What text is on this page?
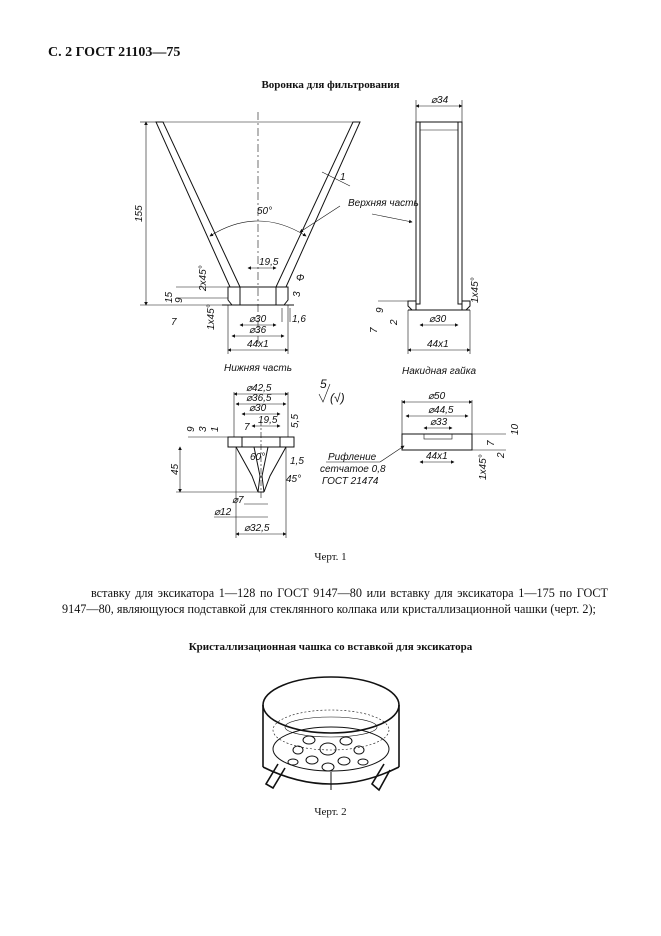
С. 2 ГОСТ 21103—75
Воронка для фильтрования
155	50°
19,5
1
Верхняя часть
Φ
3
1,6
2х45°
15 9
7	1х45°	⌀30
⌀36
44х1
Нижняя часть
⌀34
⌀30
44х1
9
2
7
1х45°
Накидная гайка
5
(√)
⌀42,5
⌀36,5
⌀30
19,5
7
9 3 1
5,5
60° 1,5
45°
45
⌀7
⌀12
⌀32,5
⌀50
⌀44,5
⌀33
44х1
10
7
2
1х45°
Рифление
сетчатое 0,8
ГОСТ 21474
Черт. 1
вставку для эксикатора 1—128 по ГОСТ 9147—80 или вставку для эксикатора 1—175 по ГОСТ 9147—80, являющуюся подставкой для стеклянного колпака или кристаллизационной чашки (черт. 2);
Кристаллизационная чашка со вставкой для эксикатора
Черт. 2
